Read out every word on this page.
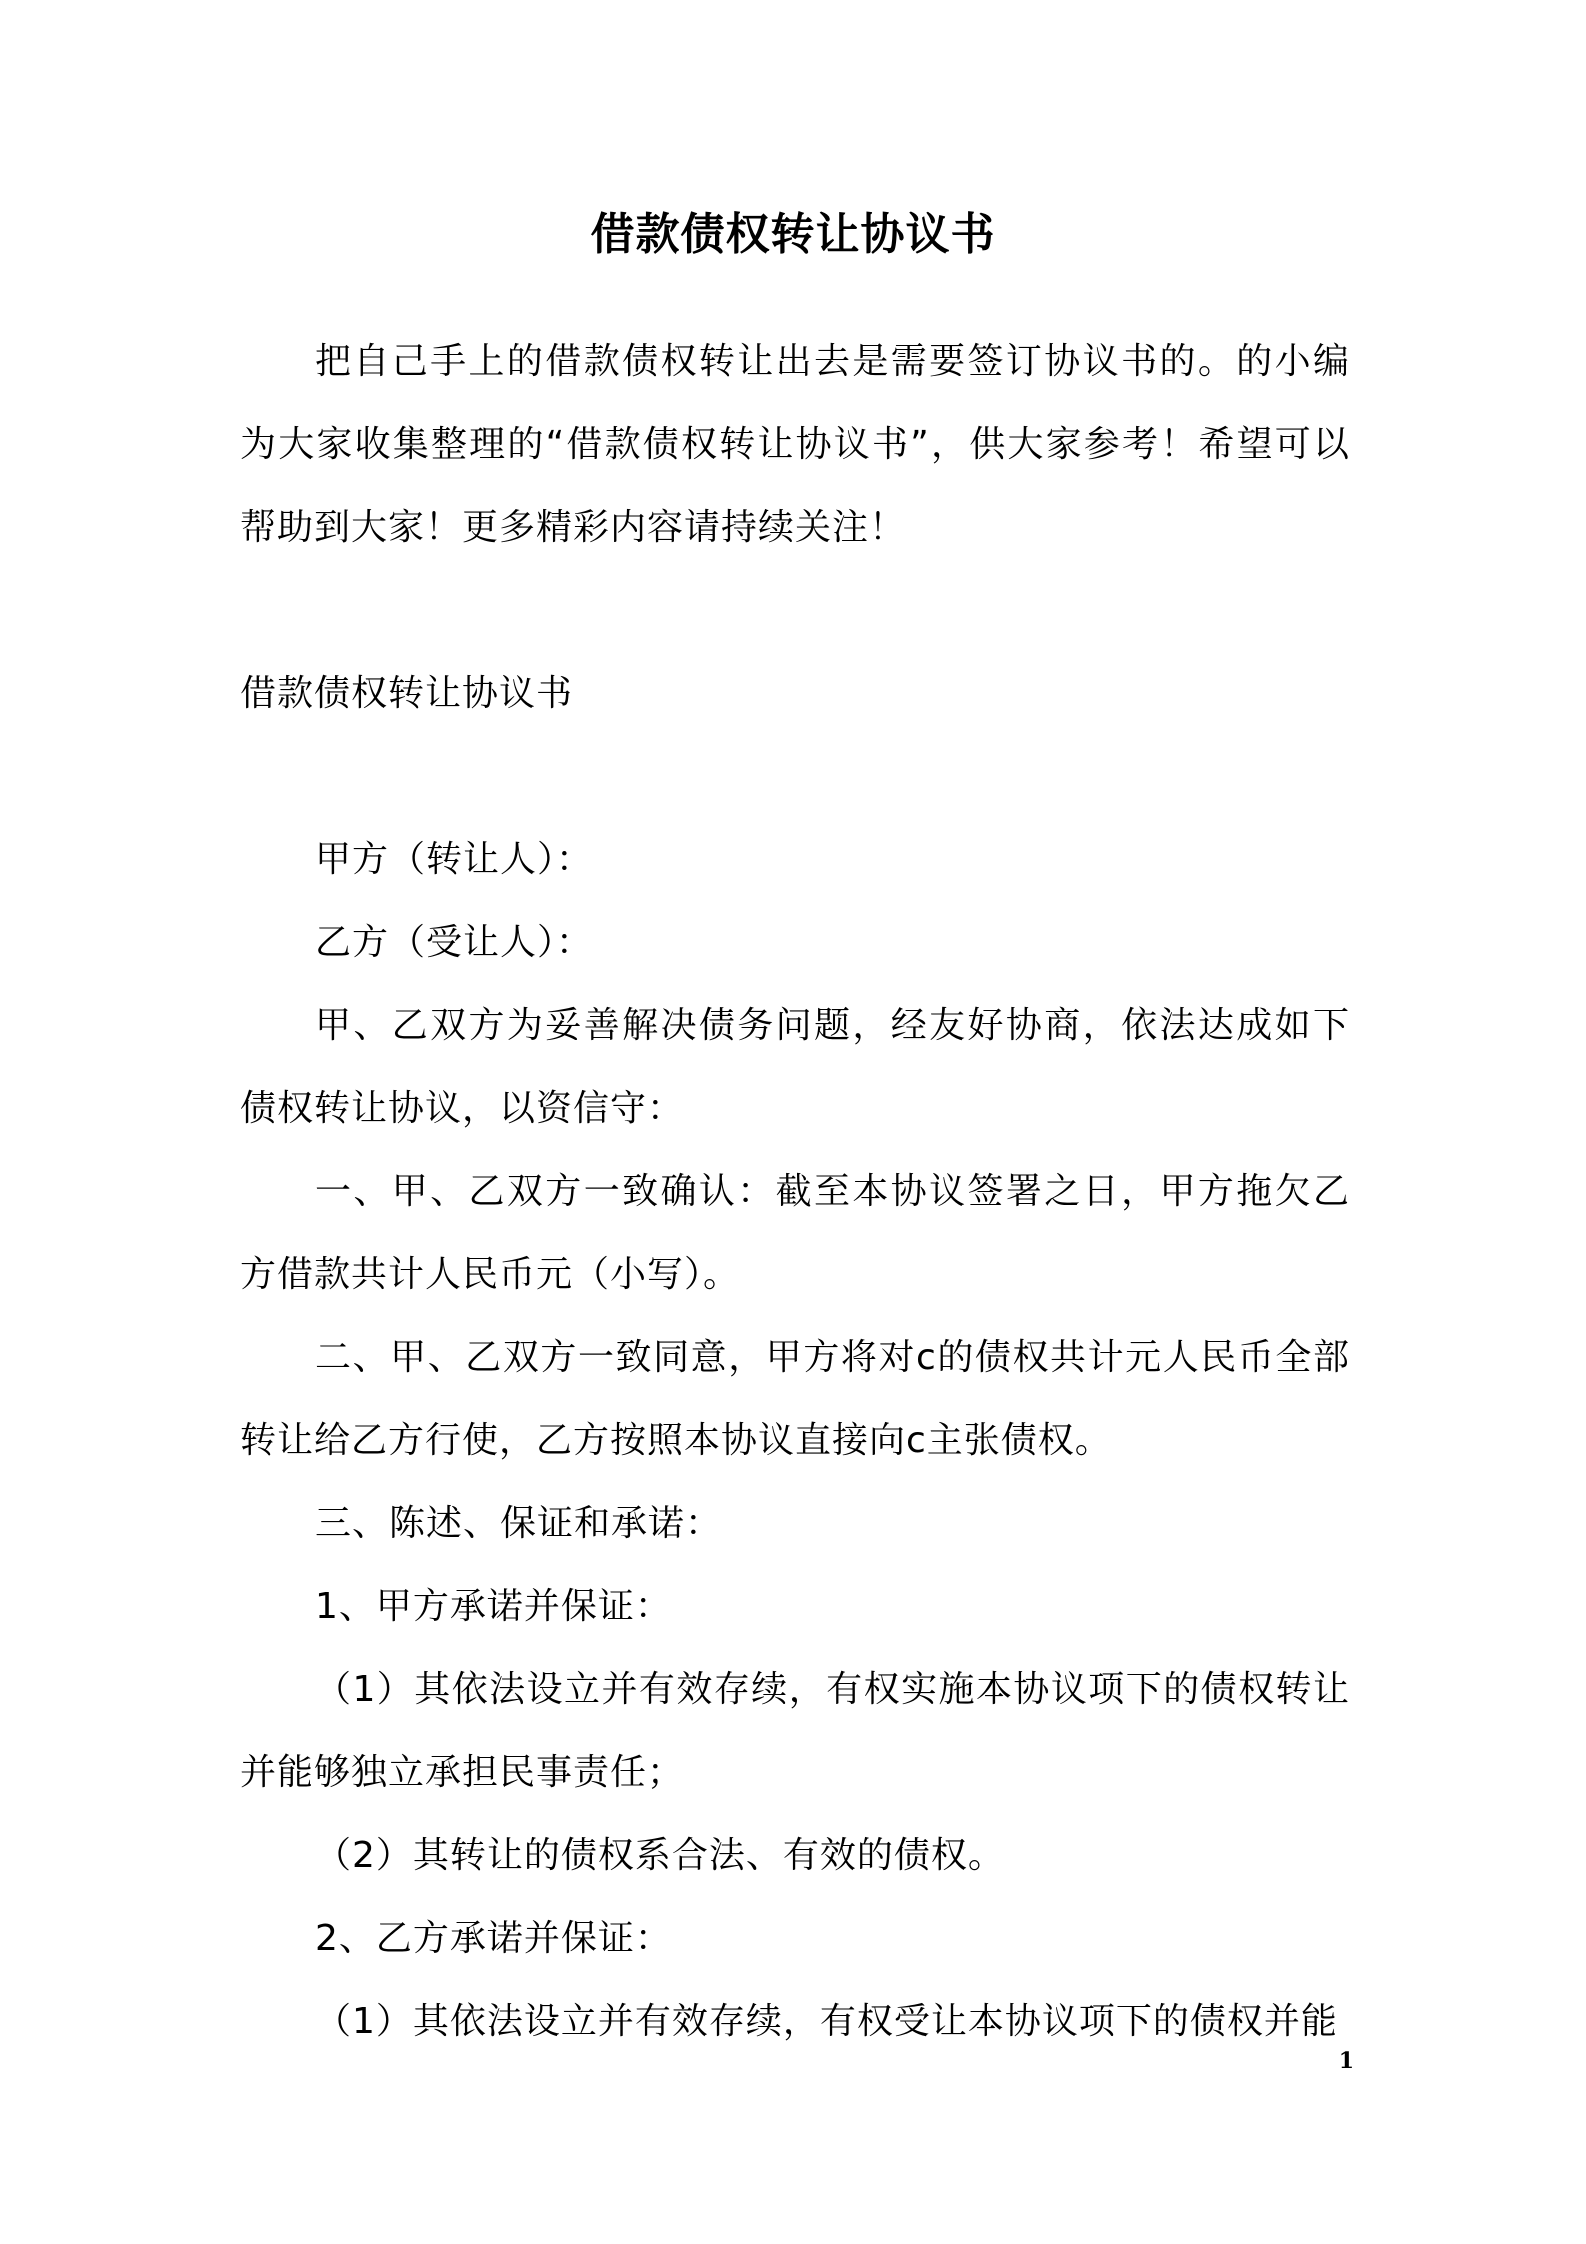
借款债权转让协议书

把自己手上的借款债权转让出去是需要签订协议书的。的小编为大家收集整理的“借款债权转让协议书”，供大家参考！希望可以帮助到大家！更多精彩内容请持续关注！

借款债权转让协议书

甲方（转让人）：

乙方（受让人）：

甲、乙双方为妥善解决债务问题，经友好协商，依法达成如下债权转让协议，以资信守：

一、甲、乙双方一致确认：截至本协议签署之日，甲方拖欠乙方借款共计人民币元（小写）。

二、甲、乙双方一致同意，甲方将对c的债权共计元人民币全部转让给乙方行使，乙方按照本协议直接向c主张债权。

三、陈述、保证和承诺：

1、甲方承诺并保证：

（1）其依法设立并有效存续，有权实施本协议项下的债权转让并能够独立承担民事责任；

（2）其转让的债权系合法、有效的债权。

2、乙方承诺并保证：

（1）其依法设立并有效存续，有权受让本协议项下的债权并能

1
